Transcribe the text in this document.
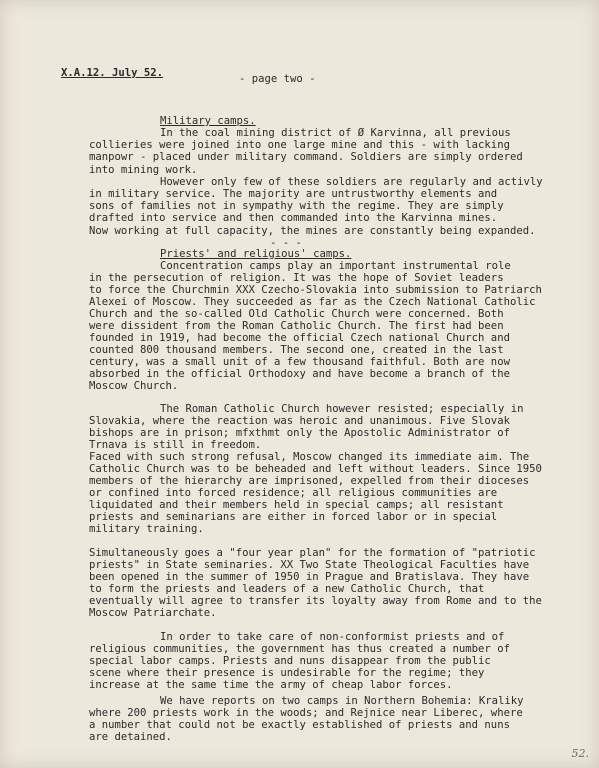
X.A.12. July 52.	- page two -
Military camps.
In the coal mining district of Ø Karvinna, all previous
collieries were joined into one large mine and this - with lacking
manpowr - placed under military command. Soldiers are simply ordered
into mining work.
However only few of these soldiers are regularly and activly
in military service. The majority are untrustworthy elements and
sons of families not in sympathy with the regime. They are simply
drafted into service and then commanded into the Karvinna mines.
Now working at full capacity, the mines are constantly being expanded.
- - -
Priests' and religious' camps.
Concentration camps play an important instrumental role
in the persecution of religion. It was the hope of Soviet leaders
to force the Churchmin XXX Czecho-Slovakia into submission to Patriarch
Alexei of Moscow. They succeeded as far as the Czech National Catholic
Church and the so-called Old Catholic Church were concerned. Both
were dissident from the Roman Catholic Church. The first had been
founded in 1919, had become the official Czech national Church and
counted 800 thousand members. The second one, created in the last
century, was a small unit of a few thousand faithful. Both are now
absorbed in the official Orthodoxy and have become a branch of the
Moscow Church.
The Roman Catholic Church however resisted; especially in
Slovakia, where the reaction was heroic and unanimous. Five Slovak
bishops are in prison; mfxthmt only the Apostolic Administrator of
Trnava is still in freedom.
Faced with such strong refusal, Moscow changed its immediate aim. The
Catholic Church was to be beheaded and left without leaders. Since 1950
members of the hierarchy are imprisoned, expelled from their dioceses
or confined into forced residence; all religious communities are
liquidated and their members held in special camps; all resistant
priests and seminarians are either in forced labor or in special
military training.
Simultaneously goes a "four year plan" for the formation of "patriotic
priests" in State seminaries. XX Two State Theological Faculties have
been opened in the summer of 1950 in Prague and Bratislava. They have
to form the priests and leaders of a new Catholic Church, that
eventually will agree to transfer its loyalty away from Rome and to the
Moscow Patriarchate.
In order to take care of non-conformist priests and of
religious communities, the government has thus created a number of
special labor camps. Priests and nuns disappear from the public
scene where their presence is undesirable for the regime; they
increase at the same time the army of cheap labor forces.
We have reports on two camps in Northern Bohemia: Kraliky
where 200 priests work in the woods; and Rejnice near Liberec, where
a number that could not be exactly established of priests and nuns
are detained.
52.
